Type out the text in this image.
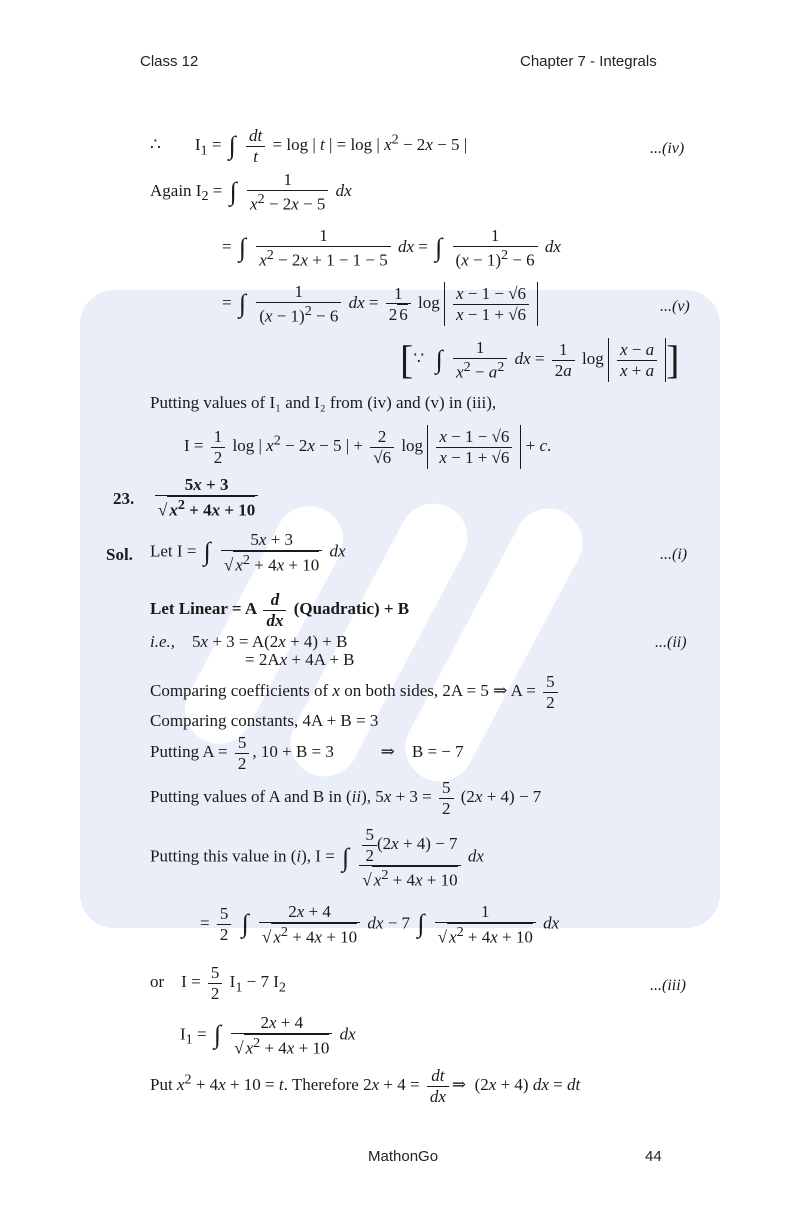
Class 12	Chapter 7 - Integrals
MathonGo	44
∴        $I_1$ = ∫ $\frac{dt}{t} = \log$ | t | = log | $x^2 - 2x - 5$ |	...(iv)
Again $I_2$ = ∫ $\frac{1}{x^2 - 2x - 5}$ dx
= ∫ $\frac{1}{x^2 - 2x + 1 - 1 - 5}$ dx = ∫ $\frac{1}{(x - 1)^2 - 6}$ dx
= ∫ $\frac{1}{(x - 1)^2 - 6}$ dx = $\frac{1}{2 6}$ $\log \frac{x - 1 - √6}{x - 1 + √6}$	...(v)
[∵  ∫ $\frac{1}{x^2 - a^2}$ dx = $\frac{1}{2a}$ $\log \frac{x - a}{x + a}$ ]
Putting values of I₁ and I₂ from (iv) and (v) in (iii),
$I = \frac{1}{2}$ log | $x^2 - 2x - 5$ | + $\frac{2}{√6}$ $\log \frac{x - 1 - √6}{x - 1 + √6} + c$.
23. $\frac{5x + 3}{√ x^2 + 4x + 10}$
Sol. Let I = ∫ $\frac{5x + 3}{√ x^2 + 4x + 10}$ dx	...(i)
Let Linear = A $\frac{d}{dx}$ (Quadratic) + B
i.e.,    5x + 3 = A(2x + 4) + B	...(ii)
= 2Ax + 4A + B
Comparing coefficients of x on both sides, 2A = 5 ⇒ $A = \frac{5}{2}$
Comparing constants, 4A + B = 3
Putting $A = \frac{5}{2}$ , 10 + B = 3           ⇒    B = − 7
Putting values of A and B in (ii), $5x + 3 = \frac{5}{2} (2x + 4) - 7$
Putting this value in (i), I = ∫ $\frac{\frac{5}{2} (2x + 4) - 7}{√ x^2 + 4x + 10}$ dx
= $\frac{5}{2}$ ∫ $\frac{2x + 4}{√ x^2 + 4x + 10}$ dx − 7 ∫ $\frac{1}{√ x^2 + 4x + 10}$ dx
or    $I = \frac{5}{2} I_1 - 7$ $I_2$	...(iii)
$I_1$ = ∫ $\frac{2x + 4}{√ x^2 + 4x + 10}$ dx
Put $x^2 + 4x + 10 = t$. Therefore $2x + 4 = \frac{dt}{dx}$ ⇒  (2x + 4) dx = dt
